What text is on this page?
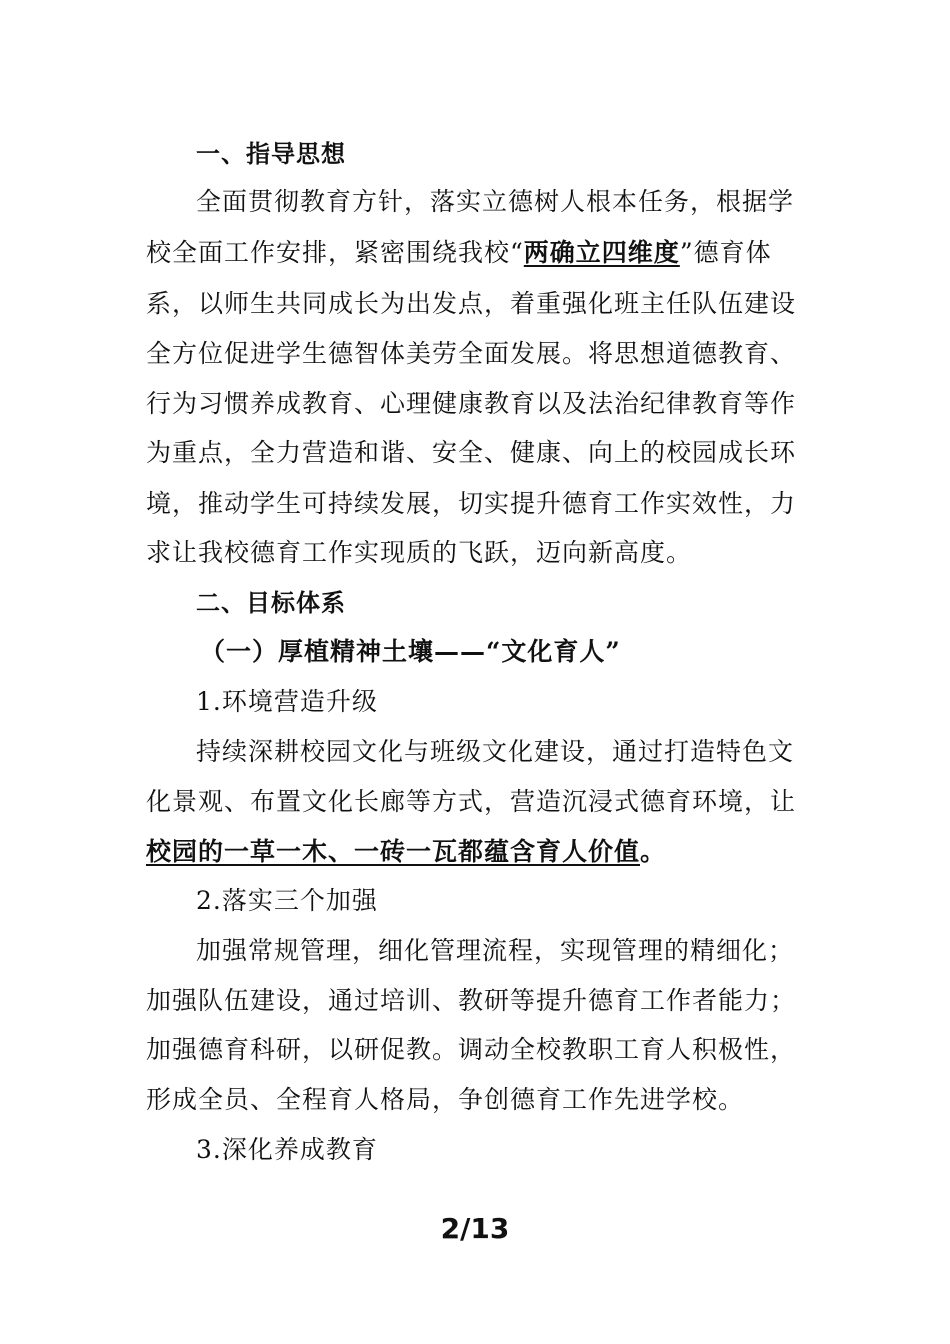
一、指导思想
全面贯彻教育方针，落实立德树人根本任务，根据学
校全面工作安排，紧密围绕我校“两确立四维度”德育体
系，以师生共同成长为出发点，着重强化班主任队伍建设
全方位促进学生德智体美劳全面发展。将思想道德教育、
行为习惯养成教育、心理健康教育以及法治纪律教育等作
为重点，全力营造和谐、安全、健康、向上的校园成长环
境，推动学生可持续发展，切实提升德育工作实效性，力
求让我校德育工作实现质的飞跃，迈向新高度。
二、目标体系
（一）厚植精神土壤——“文化育人”
1.环境营造升级
持续深耕校园文化与班级文化建设，通过打造特色文
化景观、布置文化长廊等方式，营造沉浸式德育环境，让
校园的一草一木、一砖一瓦都蕴含育人价值。
2.落实三个加强
加强常规管理，细化管理流程，实现管理的精细化；
加强队伍建设，通过培训、教研等提升德育工作者能力；
加强德育科研，以研促教。调动全校教职工育人积极性，
形成全员、全程育人格局，争创德育工作先进学校。
3.深化养成教育
2/13
